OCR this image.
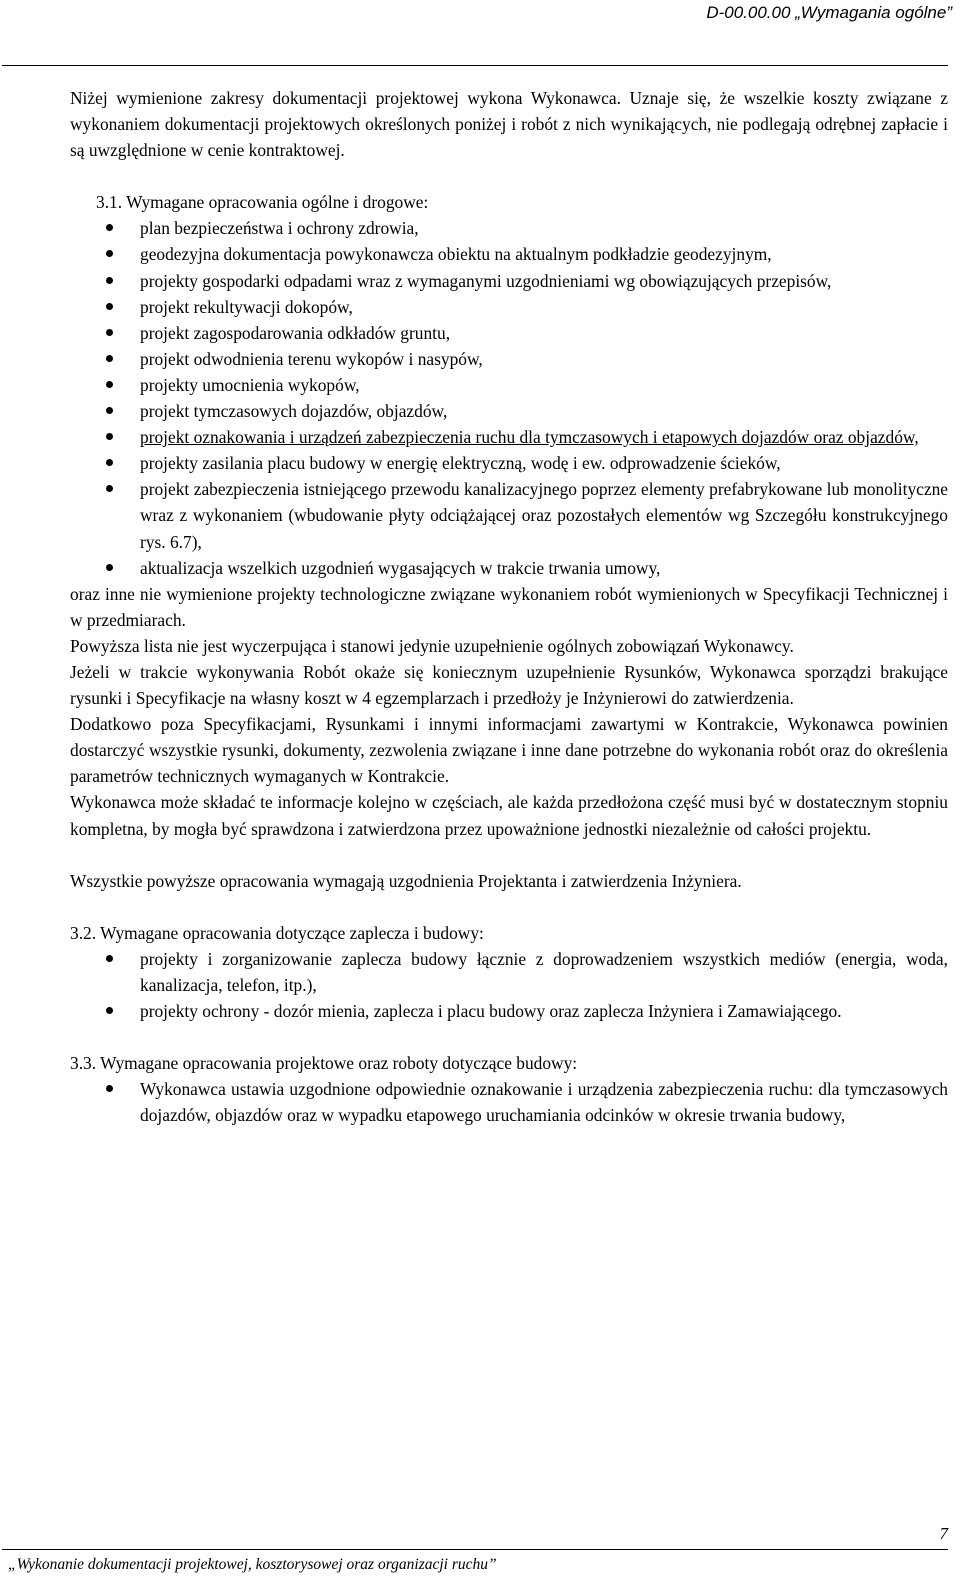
D-00.00.00 „Wymagania ogólne”

Niżej wymienione zakresy dokumentacji projektowej wykona Wykonawca. Uznaje się, że wszelkie koszty związane z wykonaniem dokumentacji projektowych określonych poniżej i robót z nich wynikających, nie podlegają odrębnej zapłacie i są uwzględnione w cenie kontraktowej.

3.1. Wymagane opracowania ogólne i drogowe:

plan bezpieczeństwa i ochrony zdrowia,
geodezyjna dokumentacja powykonawcza obiektu na aktualnym podkładzie geodezyjnym,
projekty gospodarki odpadami wraz z wymaganymi uzgodnieniami wg obowiązujących przepisów,
projekt rekultywacji dokopów,
projekt zagospodarowania odkładów gruntu,
projekt odwodnienia terenu wykopów i nasypów,
projekty umocnienia wykopów,
projekt tymczasowych dojazdów, objazdów,
projekt oznakowania i urządzeń zabezpieczenia ruchu dla tymczasowych i etapowych dojazdów oraz objazdów,
projekty zasilania placu budowy w energię elektryczną, wodę i ew. odprowadzenie ścieków,
projekt zabezpieczenia istniejącego przewodu kanalizacyjnego poprzez elementy prefabrykowane lub monolityczne wraz z wykonaniem (wbudowanie płyty odciążającej oraz pozostałych elementów wg Szczegółu konstrukcyjnego rys. 6.7),
aktualizacja wszelkich uzgodnień wygasających w trakcie trwania umowy,

oraz inne nie wymienione projekty technologiczne związane wykonaniem robót wymienionych w Specyfikacji Technicznej i w przedmiarach.

Powyższa lista nie jest wyczerpująca i stanowi jedynie uzupełnienie ogólnych zobowiązań Wykonawcy.

Jeżeli w trakcie wykonywania Robót okaże się koniecznym uzupełnienie Rysunków, Wykonawca sporządzi brakujące rysunki i Specyfikacje na własny koszt w 4 egzemplarzach i przedłoży je Inżynierowi do zatwierdzenia.

Dodatkowo poza Specyfikacjami, Rysunkami i innymi informacjami zawartymi w Kontrakcie, Wykonawca powinien dostarczyć wszystkie rysunki, dokumenty, zezwolenia związane i inne dane potrzebne do wykonania robót oraz do określenia parametrów technicznych wymaganych w Kontrakcie.

Wykonawca może składać te informacje kolejno w częściach, ale każda przedłożona część musi być w dostatecznym stopniu kompletna, by mogła być sprawdzona i zatwierdzona przez upoważnione jednostki niezależnie od całości projektu.

Wszystkie powyższe opracowania wymagają uzgodnienia Projektanta i zatwierdzenia Inżyniera.

3.2. Wymagane opracowania dotyczące zaplecza i budowy:

projekty i zorganizowanie zaplecza budowy łącznie z doprowadzeniem wszystkich mediów (energia, woda, kanalizacja, telefon, itp.),
projekty ochrony - dozór mienia, zaplecza i placu budowy oraz zaplecza Inżyniera i Zamawiającego.

3.3. Wymagane opracowania projektowe oraz roboty dotyczące budowy:

Wykonawca ustawia uzgodnione odpowiednie oznakowanie i urządzenia zabezpieczenia ruchu: dla tymczasowych dojazdów, objazdów oraz w wypadku etapowego uruchamiania odcinków w okresie trwania budowy,
7
„Wykonanie dokumentacji projektowej, kosztorysowej oraz organizacji ruchu”
